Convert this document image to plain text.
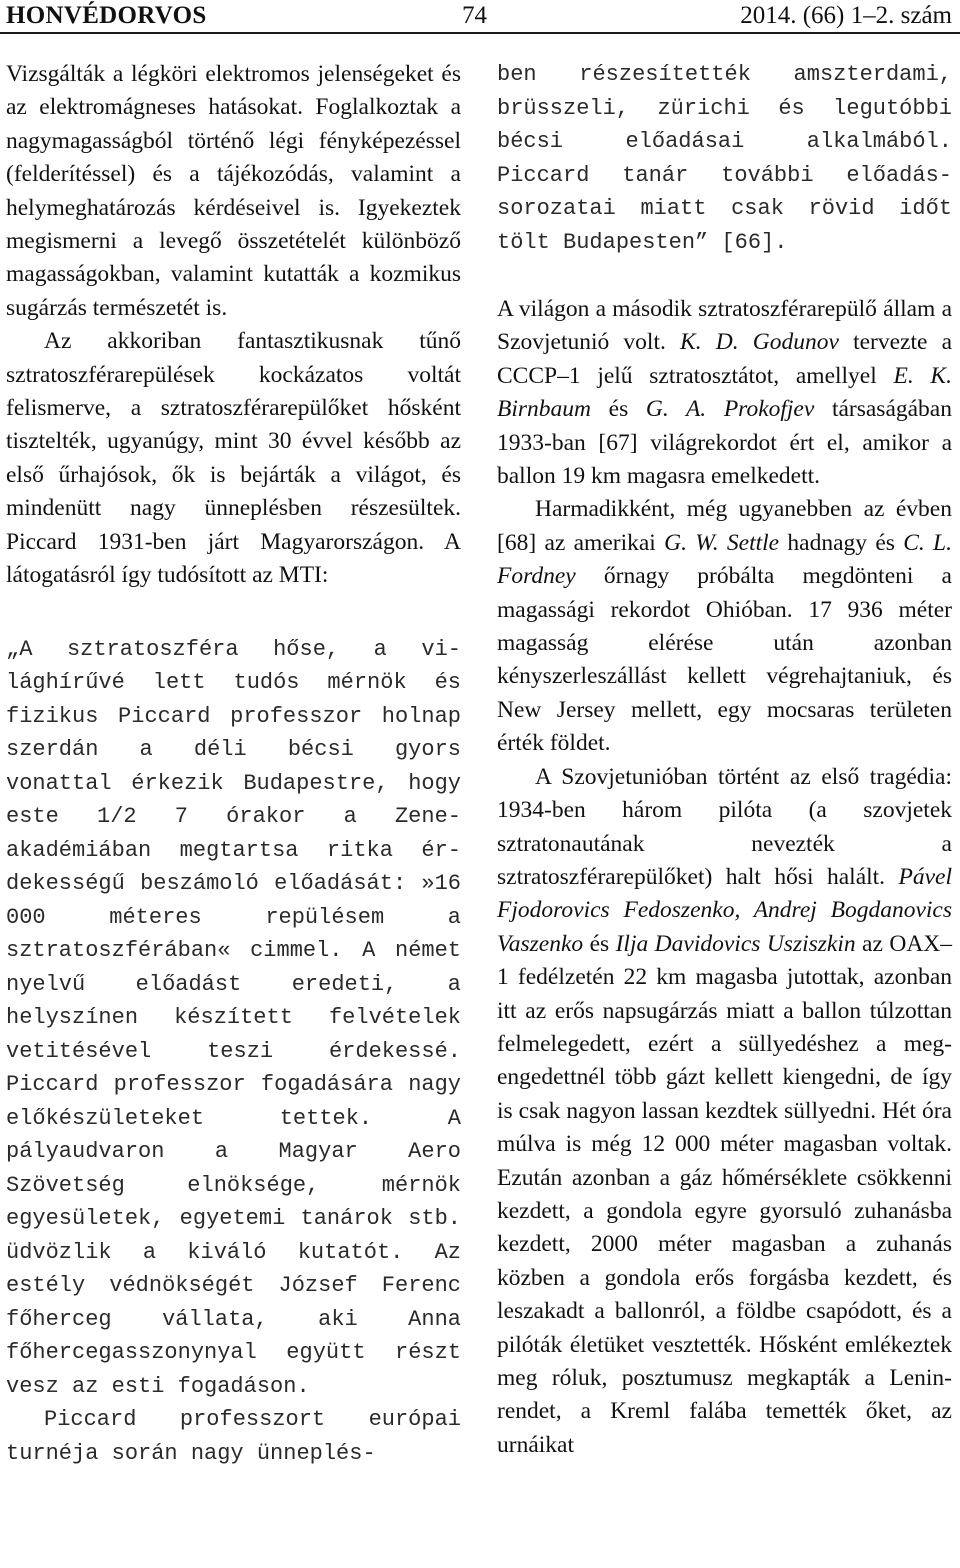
HONVÉDORVOS	74	2014. (66) 1–2. szám

Vizsgálták a légköri elektromos jelenségeket és az elektromágneses hatásokat. Foglalkoztak a nagymagasságból történő légi fényképezéssel (felderítéssel) és a tájékozódás, valamint a helymeghatározás kérdéseivel is. Igyekeztek megismerni a levegő összetételét különböző magasságokban, valamint kutatták a kozmikus sugárzás természetét is.

Az akkoriban fantasztikusnak tűnő sztratoszférarepülések kockázatos voltát felismerve, a sztratoszférarepülőket hősként tisztelték, ugyanúgy, mint 30 évvel később az első űrhajósok, ők is bejárták a világot, és mindenütt nagy ünneplésben részesültek. Piccard 1931-ben járt Magyarországon. A látogatásról így tudósított az MTI:

„A sztratoszféra hőse, a világhírűvé lett tudós mérnök és fizikus Piccard professzor holnap szerdán a déli bécsi gyors vonattal érkezik Budapestre, hogy este 1/2 7 órakor a Zeneakadémiában megtartsa ritka érdekességű beszámoló előadását: »16 000 méteres repülésem a sztratoszférában« cimmel. A német nyelvű előadást eredeti, a helyszínen készített felvételek vetitésével teszi érdekessé. Piccard professzor fogadására nagy előkészületeket tettek. A pályaudvaron a Magyar Aero Szövetség elnöksége, mérnök egyesületek, egyetemi tanárok stb. üdvözlik a kiváló kutatót. Az estély védnökségét József Ferenc főherceg vállata, aki Anna főhercegasszonynyal együtt részt vesz az esti fogadáson.

Piccard professzort európai turnéja során nagy ünneplés-

ben részesítették amszterdami, brüsszeli, zürichi és legutóbbi bécsi előadásai alkalmából. Piccard tanár további előadássorozatai miatt csak rövid időt tölt Budapesten” [66].

A világon a második sztratoszférarepülő állam a Szovjetunió volt. K. D. Godunov tervezte a CCCP–1 jelű sztratosztátot, amellyel E. K. Birnbaum és G. A. Prokofjev társaságában 1933-ban [67] világrekordot ért el, amikor a ballon 19 km magasra emelkedett.

Harmadikként, még ugyanebben az évben [68] az amerikai G. W. Settle hadnagy és C. L. Fordney őrnagy próbálta megdönteni a magassági rekordot Ohióban. 17 936 méter magasság elérése után azonban kényszerleszállást kellett végrehajtaniuk, és New Jersey mellett, egy mocsaras területen érték földet.

A Szovjetunióban történt az első tragédia: 1934-ben három pilóta (a szovjetek sztratonautának nevezték a sztratoszférarepülőket) halt hősi halált. Pável Fjodorovics Fedoszenko, Andrej Bogdanovics Vaszenko és Ilja Davidovics Usziszkin az OAX–1 fedélzetén 22 km magasba jutottak, azonban itt az erős napsugárzás miatt a ballon túlzottan felmelegedett, ezért a süllyedéshez a megengedettnél több gázt kellett kiengedni, de így is csak nagyon lassan kezdtek süllyedni. Hét óra múlva is még 12 000 méter magasban voltak. Ezután azonban a gáz hőmérséklete csökkenni kezdett, a gondola egyre gyorsuló zuhanásba kezdett, 2000 méter magasban a zuhanás közben a gondola erős forgásba kezdett, és leszakadt a ballonról, a földbe csapódott, és a pilóták életüket vesztették. Hősként emlékeztek meg róluk, posztumusz megkapták a Lenin-rendet, a Kreml falába temették őket, az urnáikat
